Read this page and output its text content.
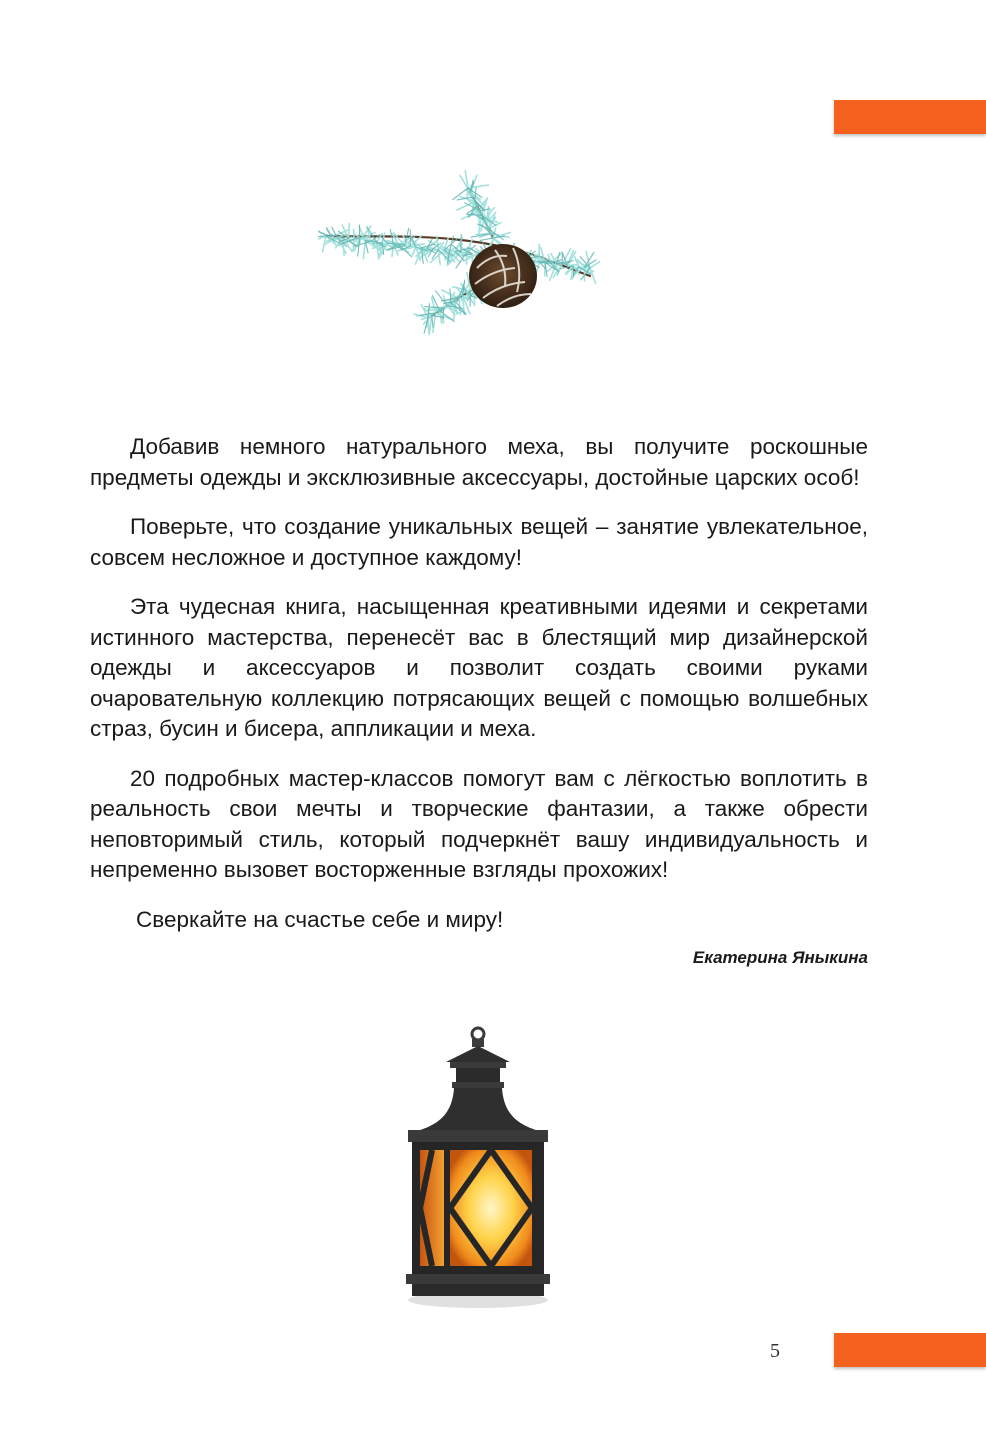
Добавив немного натурального меха, вы получите роскошные предметы одежды и эксклюзивные аксессуары, достойные царских особ!

Поверьте, что создание уникальных вещей – занятие увлекательное, совсем несложное и доступное каждому!

Эта чудесная книга, насыщенная креативными идеями и секретами истинного мастерства, перенесёт вас в блестящий мир дизайнерской одежды и аксессуаров и позволит создать своими руками очаровательную коллекцию потрясающих вещей с помощью волшебных страз, бусин и бисера, аппликации и меха.

20 подробных мастер-классов помогут вам с лёгкостью воплотить в реальность свои мечты и творческие фантазии, а также обрести неповторимый стиль, который подчеркнёт вашу индивидуальность и непременно вызовет восторженные взгляды прохожих!

Сверкайте на счастье себе и миру!

Екатерина Яныкина

5
